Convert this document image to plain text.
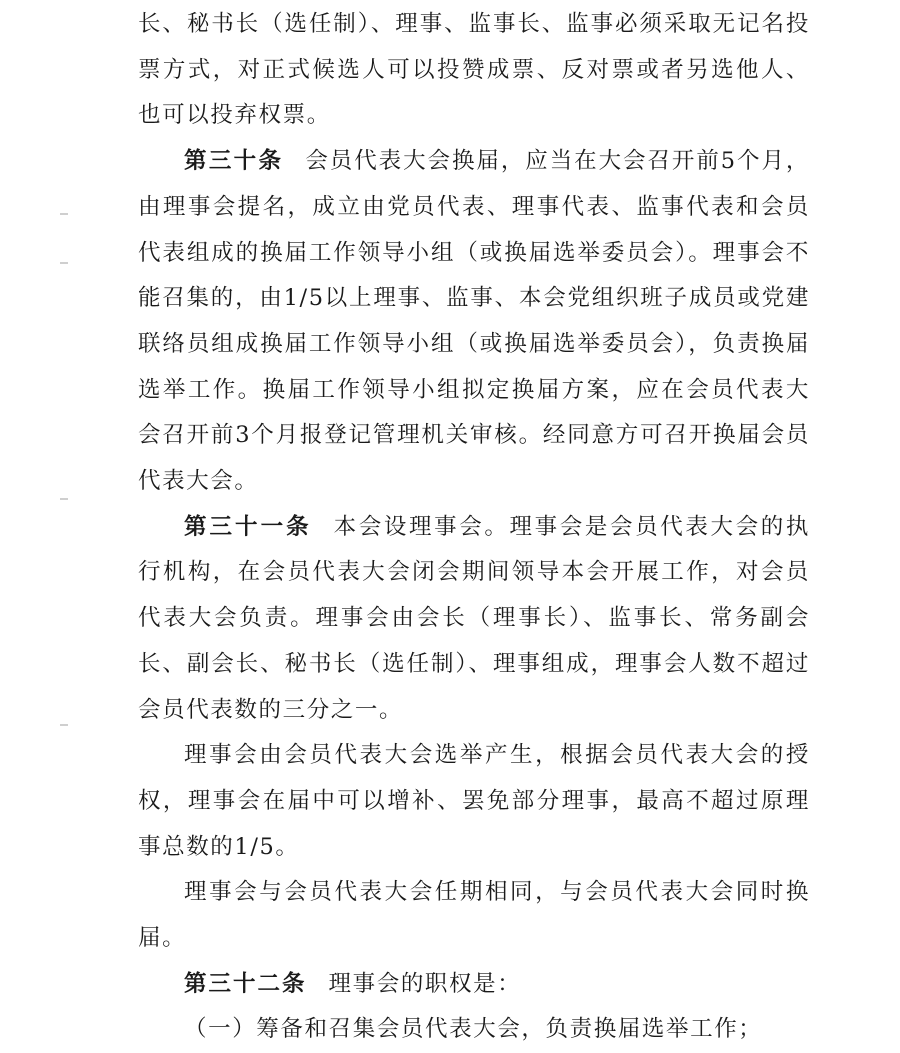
长、秘书长（选任制）、理事、监事长、监事必须采取无记名投票方式，对正式候选人可以投赞成票、反对票或者另选他人、也可以投弃权票。

第三十条 会员代表大会换届，应当在大会召开前5个月，由理事会提名，成立由党员代表、理事代表、监事代表和会员代表组成的换届工作领导小组（或换届选举委员会）。理事会不能召集的，由1/5以上理事、监事、本会党组织班子成员或党建联络员组成换届工作领导小组（或换届选举委员会），负责换届选举工作。换届工作领导小组拟定换届方案，应在会员代表大会召开前3个月报登记管理机关审核。经同意方可召开换届会员代表大会。

第三十一条 本会设理事会。理事会是会员代表大会的执行机构，在会员代表大会闭会期间领导本会开展工作，对会员代表大会负责。理事会由会长（理事长）、监事长、常务副会长、副会长、秘书长（选任制）、理事组成，理事会人数不超过会员代表数的三分之一。

理事会由会员代表大会选举产生，根据会员代表大会的授权，理事会在届中可以增补、罢免部分理事，最高不超过原理事总数的1/5。

理事会与会员代表大会任期相同，与会员代表大会同时换届。

第三十二条 理事会的职权是：

（一）筹备和召集会员代表大会，负责换届选举工作；
